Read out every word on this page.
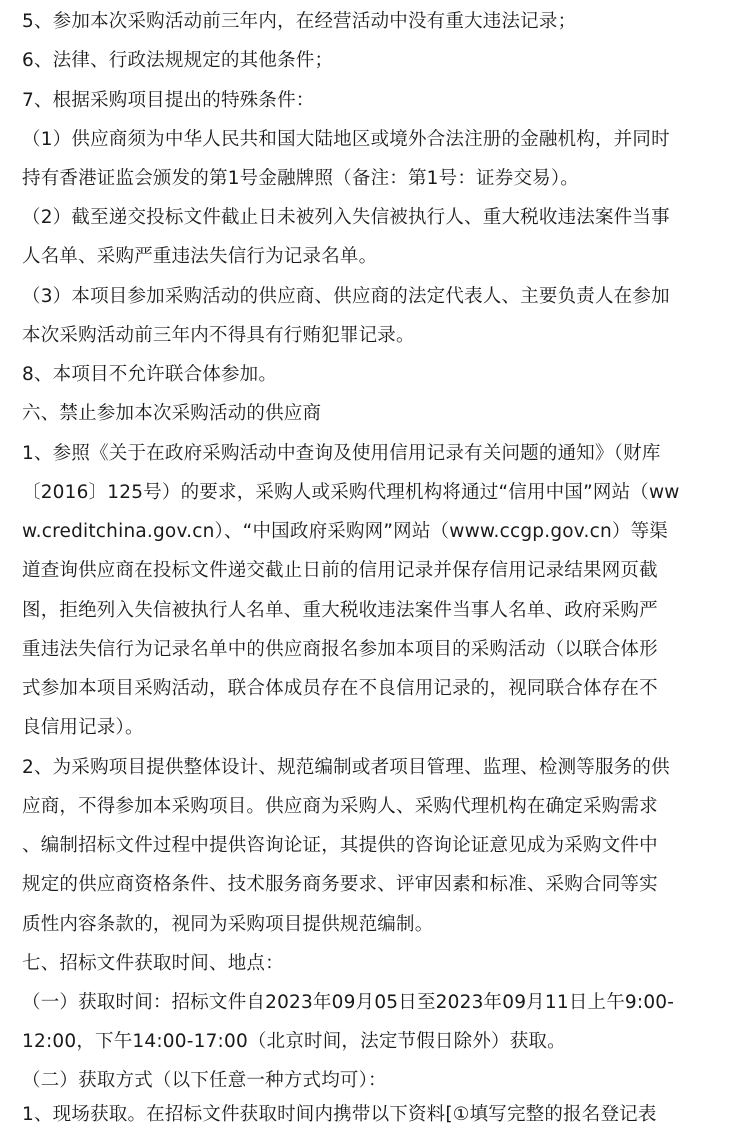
5、参加本次采购活动前三年内，在经营活动中没有重大违法记录；
6、法律、行政法规规定的其他条件；
7、根据采购项目提出的特殊条件：
（1）供应商须为中华人民共和国大陆地区或境外合法注册的金融机构，并同时
持有香港证监会颁发的第1号金融牌照（备注：第1号：证券交易）。
（2）截至递交投标文件截止日未被列入失信被执行人、重大税收违法案件当事
人名单、采购严重违法失信行为记录名单。
（3）本项目参加采购活动的供应商、供应商的法定代表人、主要负责人在参加
本次采购活动前三年内不得具有行贿犯罪记录。
8、本项目不允许联合体参加。
六、禁止参加本次采购活动的供应商
1、参照《关于在政府采购活动中查询及使用信用记录有关问题的通知》（财库
〔2016〕125号）的要求，采购人或采购代理机构将通过“信用中国”网站（ww
w.creditchina.gov.cn）、“中国政府采购网”网站（www.ccgp.gov.cn）等渠
道查询供应商在投标文件递交截止日前的信用记录并保存信用记录结果网页截
图，拒绝列入失信被执行人名单、重大税收违法案件当事人名单、政府采购严
重违法失信行为记录名单中的供应商报名参加本项目的采购活动（以联合体形
式参加本项目采购活动，联合体成员存在不良信用记录的，视同联合体存在不
良信用记录）。
2、为采购项目提供整体设计、规范编制或者项目管理、监理、检测等服务的供
应商，不得参加本采购项目。供应商为采购人、采购代理机构在确定采购需求
、编制招标文件过程中提供咨询论证，其提供的咨询论证意见成为采购文件中
规定的供应商资格条件、技术服务商务要求、评审因素和标准、采购合同等实
质性内容条款的，视同为采购项目提供规范编制。
七、招标文件获取时间、地点：
（一）获取时间：招标文件自2023年09月05日至2023年09月11日上午9:00-
12:00，下午14:00-17:00（北京时间，法定节假日除外）获取。
（二）获取方式（以下任意一种方式均可）：
1、现场获取。在招标文件获取时间内携带以下资料[①填写完整的报名登记表
